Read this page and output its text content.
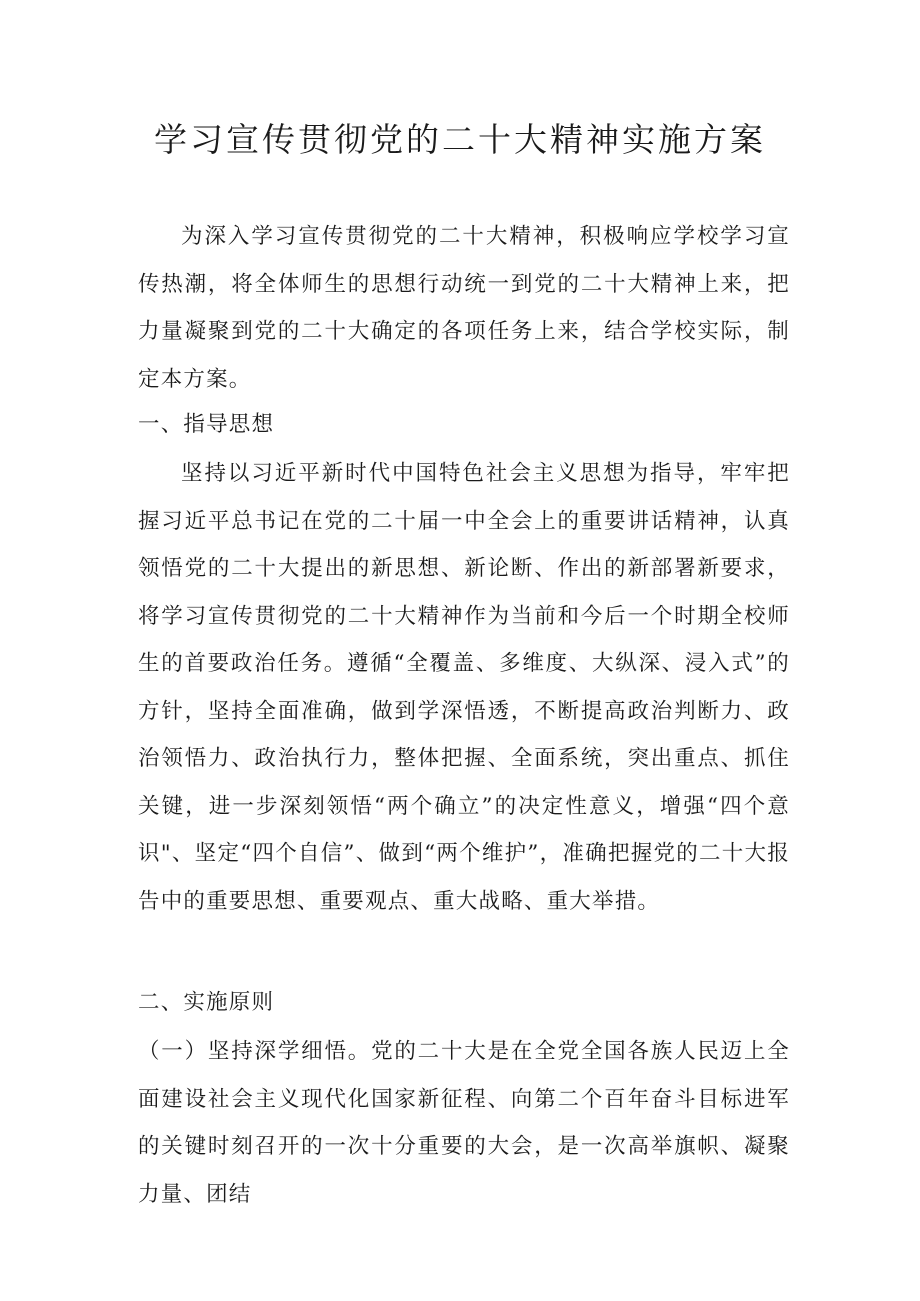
学习宣传贯彻党的二十大精神实施方案

为深入学习宣传贯彻党的二十大精神，积极响应学校学习宣传热潮，将全体师生的思想行动统一到党的二十大精神上来，把力量凝聚到党的二十大确定的各项任务上来，结合学校实际，制定本方案。

一、指导思想

坚持以习近平新时代中国特色社会主义思想为指导，牢牢把握习近平总书记在党的二十届一中全会上的重要讲话精神，认真领悟党的二十大提出的新思想、新论断、作出的新部署新要求，将学习宣传贯彻党的二十大精神作为当前和今后一个时期全校师生的首要政治任务。遵循“全覆盖、多维度、大纵深、浸入式”的方针，坚持全面准确，做到学深悟透，不断提高政治判断力、政治领悟力、政治执行力，整体把握、全面系统，突出重点、抓住关键，进一步深刻领悟“两个确立”的决定性意义，增强“四个意识"、坚定“四个自信”、做到“两个维护”，准确把握党的二十大报告中的重要思想、重要观点、重大战略、重大举措。

二、实施原则

（一）坚持深学细悟。党的二十大是在全党全国各族人民迈上全面建设社会主义现代化国家新征程、向第二个百年奋斗目标进军的关键时刻召开的一次十分重要的大会，是一次高举旗帜、凝聚力量、团结
